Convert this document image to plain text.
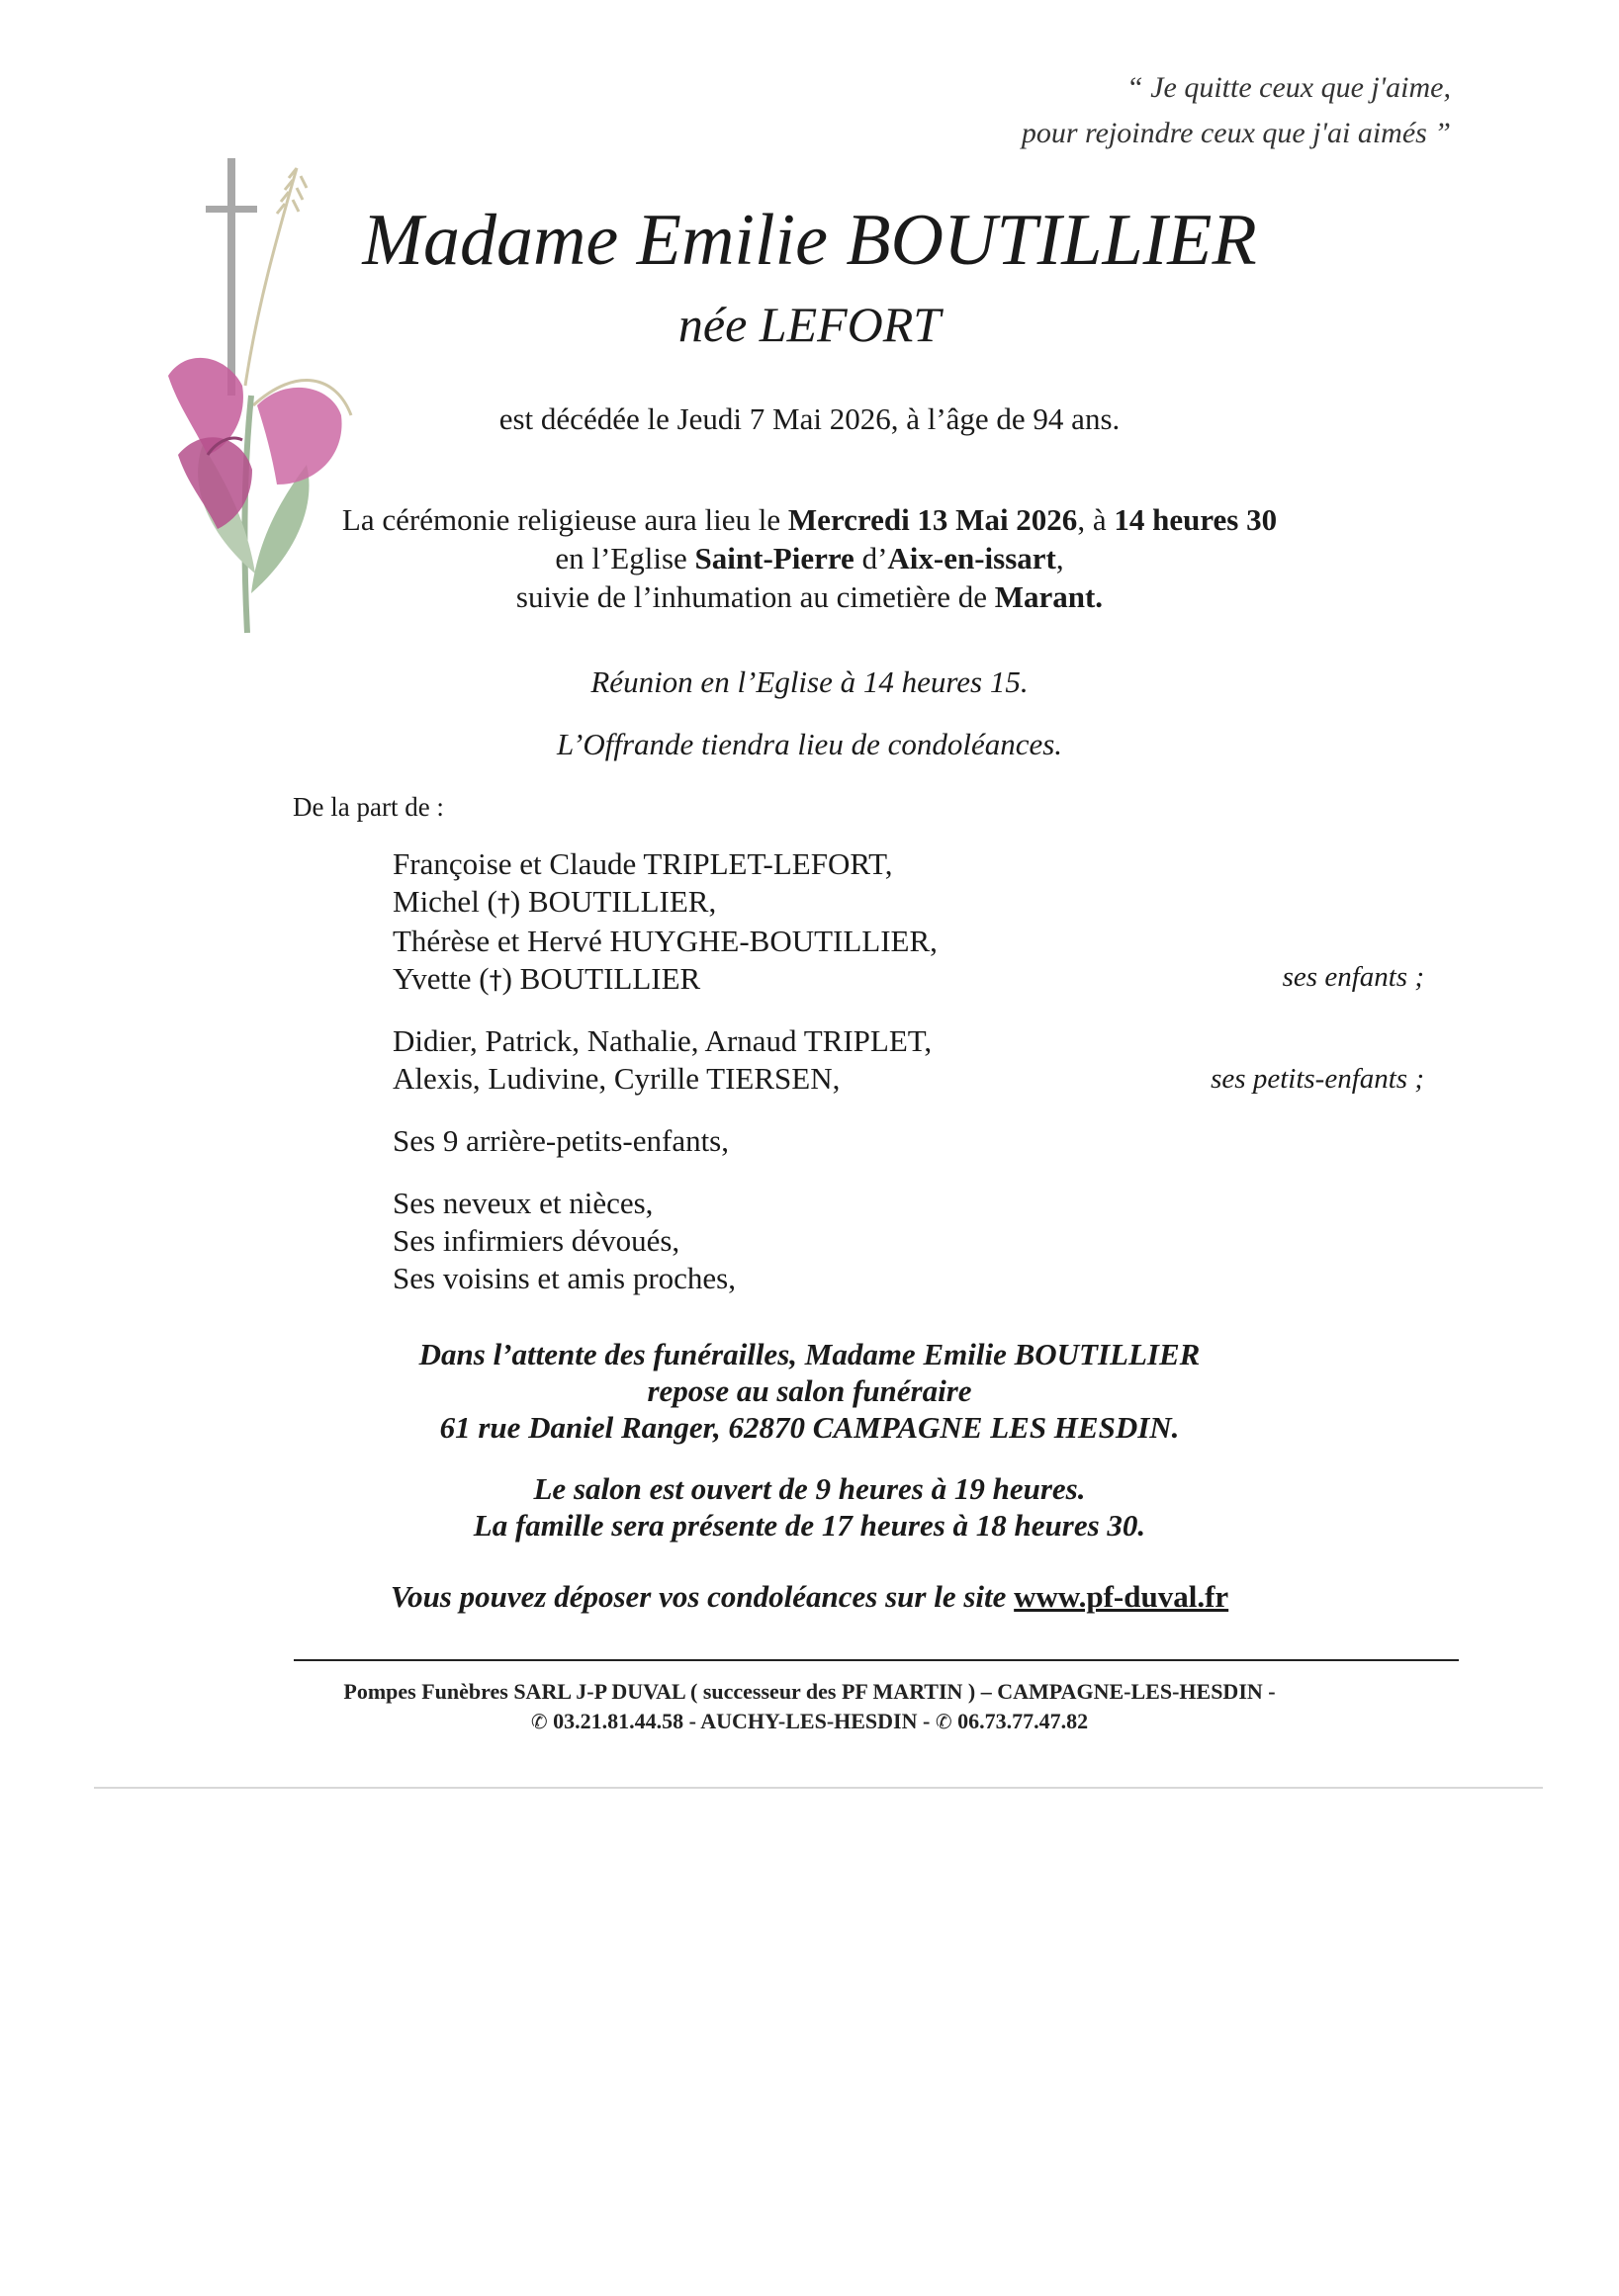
“ Je quitte ceux que j'aime,
pour rejoindre ceux que j'ai aimés ”
Madame Emilie BOUTILLIER
née LEFORT
est décédée le Jeudi 7 Mai 2026, à l’âge de 94 ans.
La cérémonie religieuse aura lieu le Mercredi 13 Mai 2026, à 14 heures 30
en l’Eglise Saint-Pierre d’Aix-en-issart,
suivie de l’inhumation au cimetière de Marant.
Réunion en l’Eglise à 14 heures 15.
L’Offrande tiendra lieu de condoléances.
De la part de :
Françoise et Claude TRIPLET-LEFORT,
Michel (†) BOUTILLIER,
Thérèse et Hervé HUYGHE-BOUTILLIER,
Yvette (†) BOUTILLIER	ses enfants ;
Didier, Patrick, Nathalie, Arnaud TRIPLET,
Alexis, Ludivine, Cyrille TIERSEN,	ses petits-enfants ;
Ses 9 arrière-petits-enfants,
Ses neveux et nièces,
Ses infirmiers dévoués,
Ses voisins et amis proches,
Dans l’attente des funérailles, Madame Emilie BOUTILLIER
repose au salon funéraire
61 rue Daniel Ranger, 62870 CAMPAGNE LES HESDIN.
Le salon est ouvert de 9 heures à 19 heures.
La famille sera présente de 17 heures à 18 heures 30.
Vous pouvez déposer vos condoléances sur le site www.pf-duval.fr
Pompes Funèbres SARL J-P DUVAL ( successeur des PF MARTIN ) – CAMPAGNE-LES-HESDIN -
✆ 03.21.81.44.58 - AUCHY-LES-HESDIN - ✆ 06.73.77.47.82
